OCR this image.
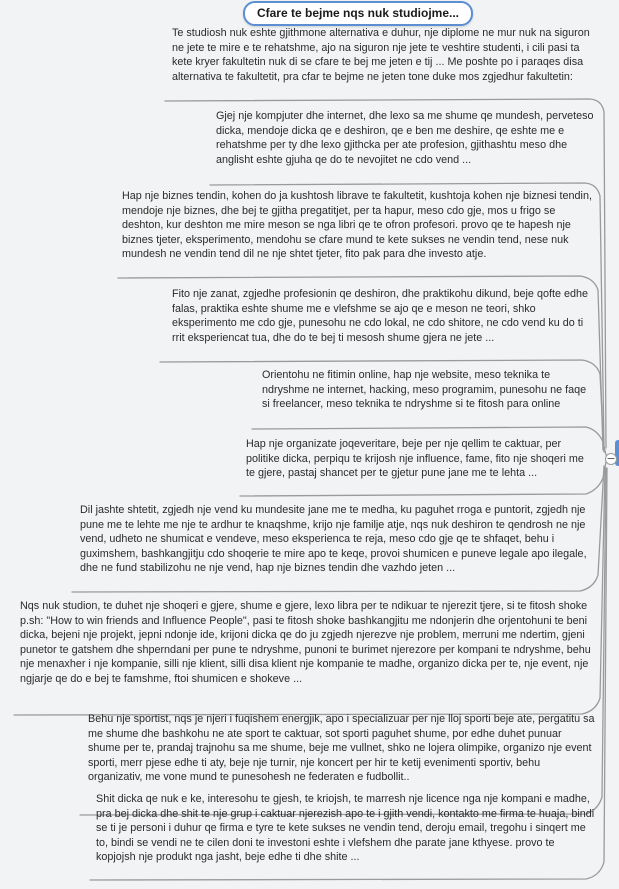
Cfare te bejme nqs nuk studiojme...

Te studiosh nuk eshte gjithmone alternativa e duhur, nje diplome ne mur nuk na siguron ne jete te mire e te rehatshme, ajo na siguron nje jete te veshtire studenti, i cili pasi ta kete kryer fakultetin nuk di se cfare te bej me jeten e tij ... Me poshte po i paraqes disa alternativa te fakultetit, pra cfar te bejme ne jeten tone duke mos zgjedhur fakultetin:

Gjej nje kompjuter dhe internet, dhe lexo sa me shume qe mundesh, perveteso dicka, mendoje dicka qe e deshiron, qe e ben me deshire, qe eshte me e rehatshme per ty dhe lexo gjithcka per ate profesion, gjithashtu meso dhe anglisht eshte gjuha qe do te nevojitet ne cdo vend ...

Hap nje biznes tendin, kohen do ja kushtosh librave te fakultetit, kushtoja kohen nje biznesi tendin, mendoje nje biznes, dhe bej te gjitha pregatitjet, per ta hapur, meso cdo gje, mos u frigo se deshton, kur deshton me mire meson se nga libri qe te ofron profesori. provo qe te hapesh nje biznes tjeter, eksperimento, mendohu se cfare mund te kete sukses ne vendin tend, nese nuk mundesh ne vendin tend dil ne nje shtet tjeter, fito pak para dhe investo atje.

Fito nje zanat, zgjedhe profesionin qe deshiron, dhe praktikohu dikund, beje qofte edhe falas, praktika eshte shume me e vlefshme se ajo qe e meson ne teori, shko eksperimento me cdo gje, punesohu ne cdo lokal, ne cdo shitore, ne cdo vend ku do ti rrit eksperiencat tua, dhe do te bej ti mesosh shume gjera ne jete ...

Orientohu ne fitimin online, hap nje website, meso teknika te ndryshme ne internet, hacking, meso programim, punesohu ne faqe si freelancer, meso teknika te ndryshme si te fitosh para online

Hap nje organizate joqeveritare, beje per nje qellim te caktuar, per politike dicka, perpiqu te krijosh nje influence, fame, fito nje shoqeri me te gjere, pastaj shancet per te gjetur pune jane me te lehta ...

Dil jashte shtetit, zgjedh nje vend ku mundesite jane me te medha, ku paguhet rroga e puntorit, zgjedh nje pune me te lehte me nje te ardhur te knaqshme, krijo nje familje atje, nqs nuk deshiron te qendrosh ne nje vend, udheto ne shumicat e vendeve, meso eksperienca te reja, meso cdo gje qe te shfaqet, behu i guximshem, bashkangjitju cdo shoqerie te mire apo te keqe, provoi shumicen e puneve legale apo ilegale, dhe ne fund stabilizohu ne nje vend, hap nje biznes tendin dhe vazhdo jeten ...

Nqs nuk studion, te duhet nje shoqeri e gjere, shume e gjere, lexo libra per te ndikuar te njerezit tjere, si te fitosh shoke p.sh: "How to win friends and Influence People", pasi te fitosh shoke bashkangjitu me ndonjerin dhe orjentohuni te beni dicka, bejeni nje projekt, jepni ndonje ide, krijoni dicka qe do ju zgjedh njerezve nje problem, merruni me ndertim, gjeni punetor te gatshem dhe shperndani per pune te ndryshme, punoni te burimet njerezore per kompani te ndryshme, behu nje menaxher i nje kompanie, silli nje klient, silli disa klient nje kompanie te madhe, organizo dicka per te, nje event, nje ngjarje qe do e bej te famshme, ftoi shumicen e shokeve ...

Behu nje sportist, nqs je njeri i fuqishem energjik, apo i specializuar per nje lloj sporti beje ate, pergatitu sa me shume dhe bashkohu ne ate sport te caktuar, sot sporti paguhet shume, por edhe duhet punuar shume per te, prandaj trajnohu sa me shume, beje me vullnet, shko ne lojera olimpike, organizo nje event sporti, merr pjese edhe ti aty, beje nje turnir, nje koncert per hir te ketij evenimenti sportiv, behu organizativ, me vone mund te punesohesh ne federaten e fudbollit..

Shit dicka qe nuk e ke, interesohu te gjesh, te kriojsh, te marresh nje licence nga nje kompani e madhe, pra bej dicka dhe shit te nje grup i caktuar njerezish apo te i gjith vendi, kontakto me firma te huaja, bindi se ti je personi i duhur qe firma e tyre te kete sukses ne vendin tend, deroju email, tregohu i sinqert me to, bindi se vendi ne te cilen doni te investoni eshte i vlefshem dhe parate jane kthyese. provo te kopjojsh nje produkt nga jasht, beje edhe ti dhe shite ...

−
